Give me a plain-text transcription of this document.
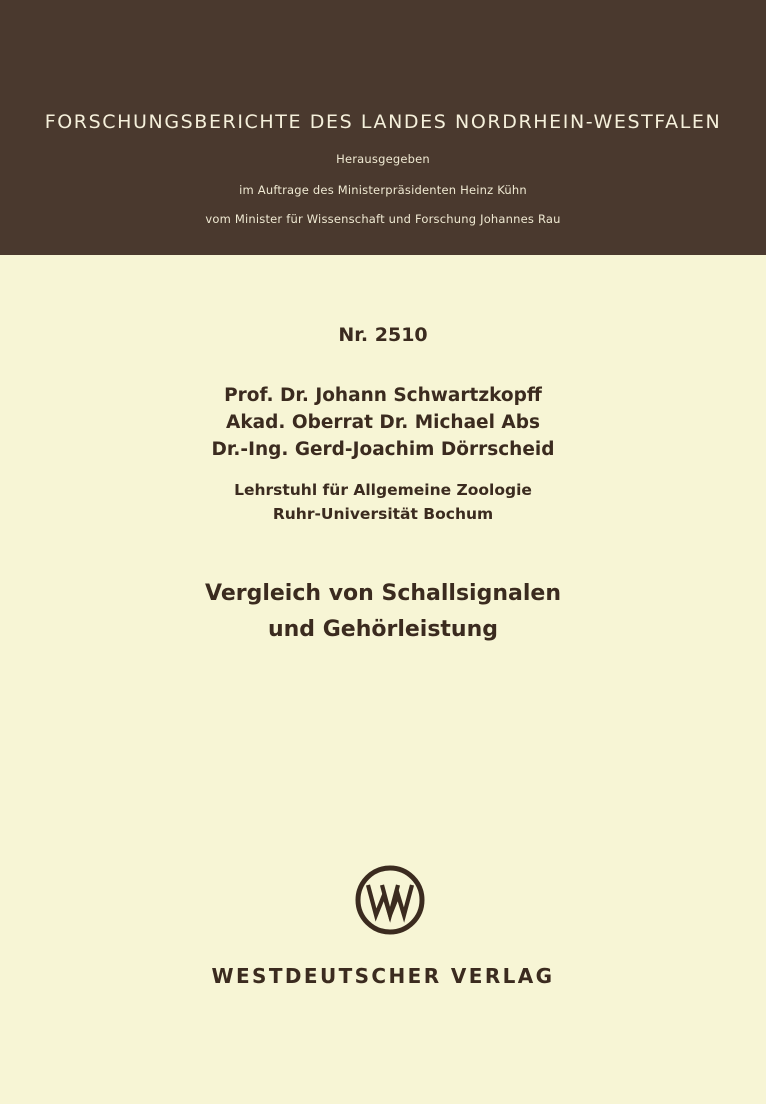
FORSCHUNGSBERICHTE DES LANDES NORDRHEIN-WESTFALEN
Herausgegeben
im Auftrage des Ministerpräsidenten Heinz Kühn
vom Minister für Wissenschaft und Forschung Johannes Rau
Nr. 2510
Prof. Dr. Johann Schwartzkopff
Akad. Oberrat Dr. Michael Abs
Dr.-Ing. Gerd-Joachim Dörrscheid
Lehrstuhl für Allgemeine Zoologie
Ruhr-Universität Bochum
Vergleich von Schallsignalen
und Gehörleistung
WESTDEUTSCHER VERLAG
